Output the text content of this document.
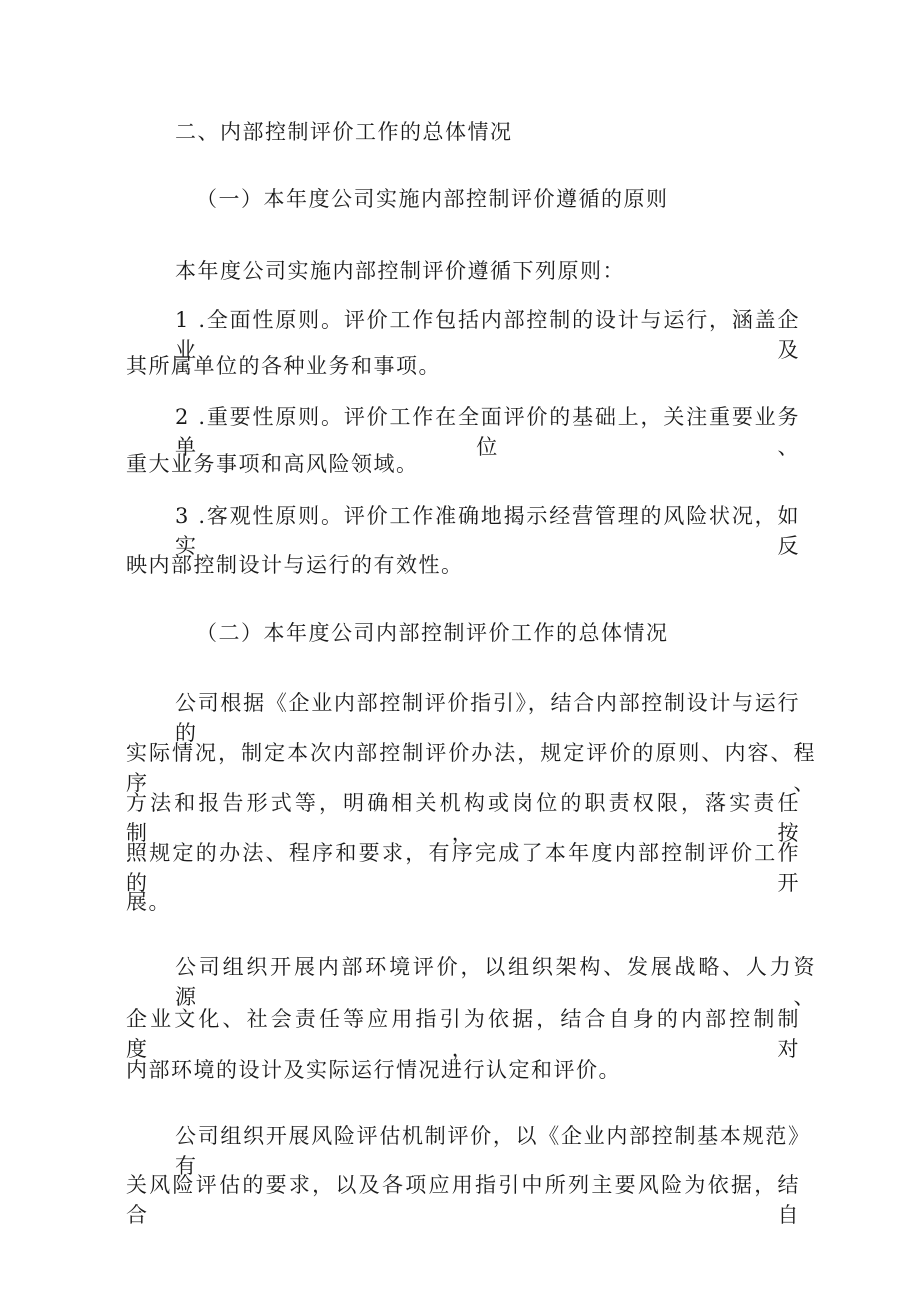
二、内部控制评价工作的总体情况
（一）本年度公司实施内部控制评价遵循的原则
本年度公司实施内部控制评价遵循下列原则：
1 .全面性原则。评价工作包括内部控制的设计与运行，涵盖企业及
其所属单位的各种业务和事项。
2 .重要性原则。评价工作在全面评价的基础上，关注重要业务单位、
重大业务事项和高风险领域。
3 .客观性原则。评价工作准确地揭示经营管理的风险状况，如实反
映内部控制设计与运行的有效性。
（二）本年度公司内部控制评价工作的总体情况
公司根据《企业内部控制评价指引》，结合内部控制设计与运行的
实际情况，制定本次内部控制评价办法，规定评价的原则、内容、程序、
方法和报告形式等，明确相关机构或岗位的职责权限，落实责任制，按
照规定的办法、程序和要求，有序完成了本年度内部控制评价工作的开
展。
公司组织开展内部环境评价，以组织架构、发展战略、人力资源、
企业文化、社会责任等应用指引为依据，结合自身的内部控制制度，对
内部环境的设计及实际运行情况进行认定和评价。
公司组织开展风险评估机制评价，以《企业内部控制基本规范》有
关风险评估的要求，以及各项应用指引中所列主要风险为依据，结合自
